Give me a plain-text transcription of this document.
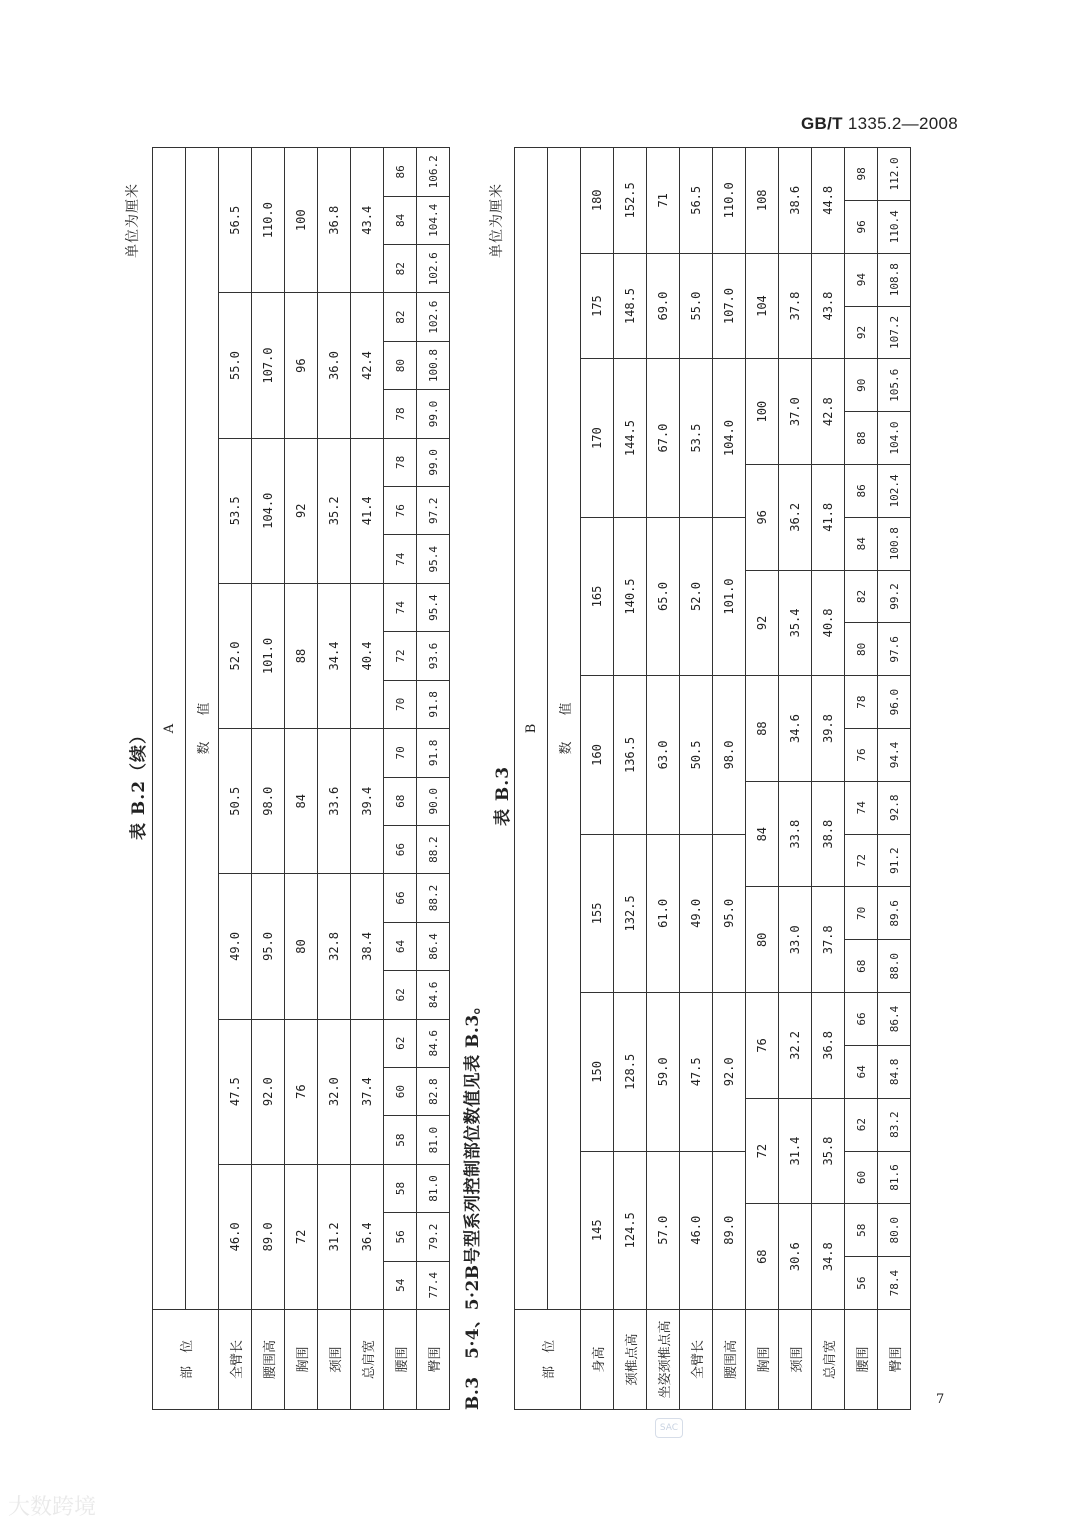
GB/T 1335.2—2008
表 B.2（续）
单位为厘米
部　位	A																							
	数　　值																							
全臂长	46.0			47.5			49.0			50.5			52.0			53.5			55.0			56.5		
腰围高	89.0			92.0			95.0			98.0			101.0			104.0			107.0			110.0		
胸围	72			76			80			84			88			92			96			100		
颈围	31.2			32.0			32.8			33.6			34.4			35.2			36.0			36.8		
总肩宽	36.4			37.4			38.4			39.4			40.4			41.4			42.4			43.4		
腰围	54	56	58	58	60	62	62	64	66	66	68	70	70	72	74	74	76	78	78	80	82	82	84	86
臀围	77.4	79.2	81.0	81.0	82.8	84.6	84.6	86.4	88.2	88.2	90.0	91.8	91.8	93.6	95.4	95.4	97.2	99.0	99.0	100.8	102.6	102.6	104.4	106.2
B.3　5·4、5·2B号型系列控制部位数值见表 B.3。
表 B.3
单位为厘米
部　位	B																					
	数　　值																					
身高	145			150			155			160			165			170			175		180	
颈椎点高	124.5			128.5			132.5			136.5			140.5			144.5			148.5		152.5	
坐姿颈椎点高	57.0			59.0			61.0			63.0			65.0			67.0			69.0		71	
全臂长	46.0			47.5			49.0			50.5			52.0			53.5			55.0		56.5	
腰围高	89.0			92.0			95.0			98.0			101.0			104.0			107.0		110.0	
胸围	68		72		76		80		84		88		92		96		100		104		108	
颈围	30.6		31.4		32.2		33.0		33.8		34.6		35.4		36.2		37.0		37.8		38.6	
总肩宽	34.8		35.8		36.8		37.8		38.8		39.8		40.8		41.8		42.8		43.8		44.8	
腰围	56	58	60	62	64	66	68	70	72	74	76	78	80	82	84	86	88	90	92	94	96	98
臀围	78.4	80.0	81.6	83.2	84.8	86.4	88.0	89.6	91.2	92.8	94.4	96.0	97.6	99.2	100.8	102.4	104.0	105.6	107.2	108.8	110.4	112.0
7
SAC
大数跨境
